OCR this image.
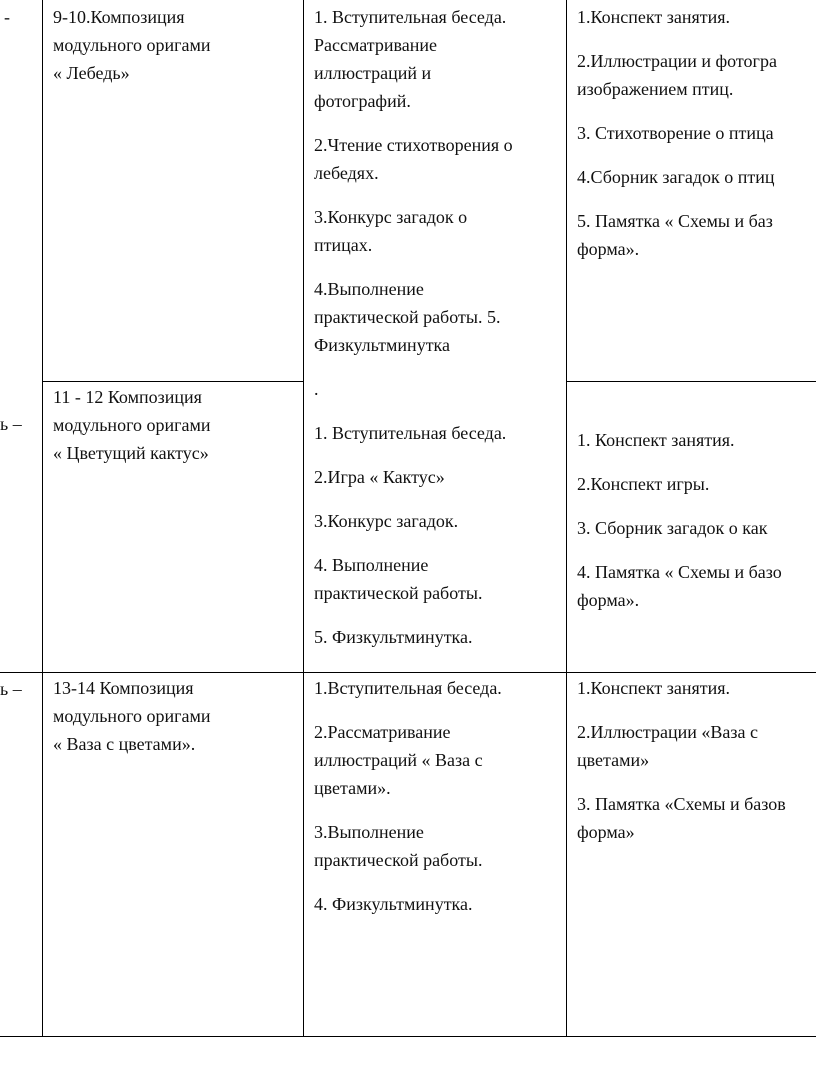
-
ь –
ь –
9-10.Композиция
модульного оригами
« Лебедь»

1. Вступительная беседа.
Рассматривание
иллюстраций и
фотографий.

2.Чтение стихотворения о
лебедях.

3.Конкурс загадок о
птицах.

4.Выполнение
практической работы. 5.
Физкультминутка

.

1.Конспект занятия.

2.Иллюстрации и фотогра
изображением птиц.

3. Стихотворение о птица

4.Сборник загадок о птиц

5. Памятка « Схемы и баз
форма».

11 - 12 Композиция
модульного оригами
« Цветущий кактус»

1. Вступительная беседа.

2.Игра « Кактус»

3.Конкурс загадок.

4. Выполнение
практической работы.

5. Физкультминутка.

1. Конспект занятия.

2.Конспект игры.

3. Сборник загадок о как

4. Памятка « Схемы и базо
форма».

13-14 Композиция
модульного оригами
« Ваза с цветами».

1.Вступительная беседа.

2.Рассматривание
иллюстраций « Ваза с
цветами».

3.Выполнение
практической работы.

4. Физкультминутка.

1.Конспект занятия.

2.Иллюстрации «Ваза с
цветами»

3. Памятка «Схемы и базов
форма»
